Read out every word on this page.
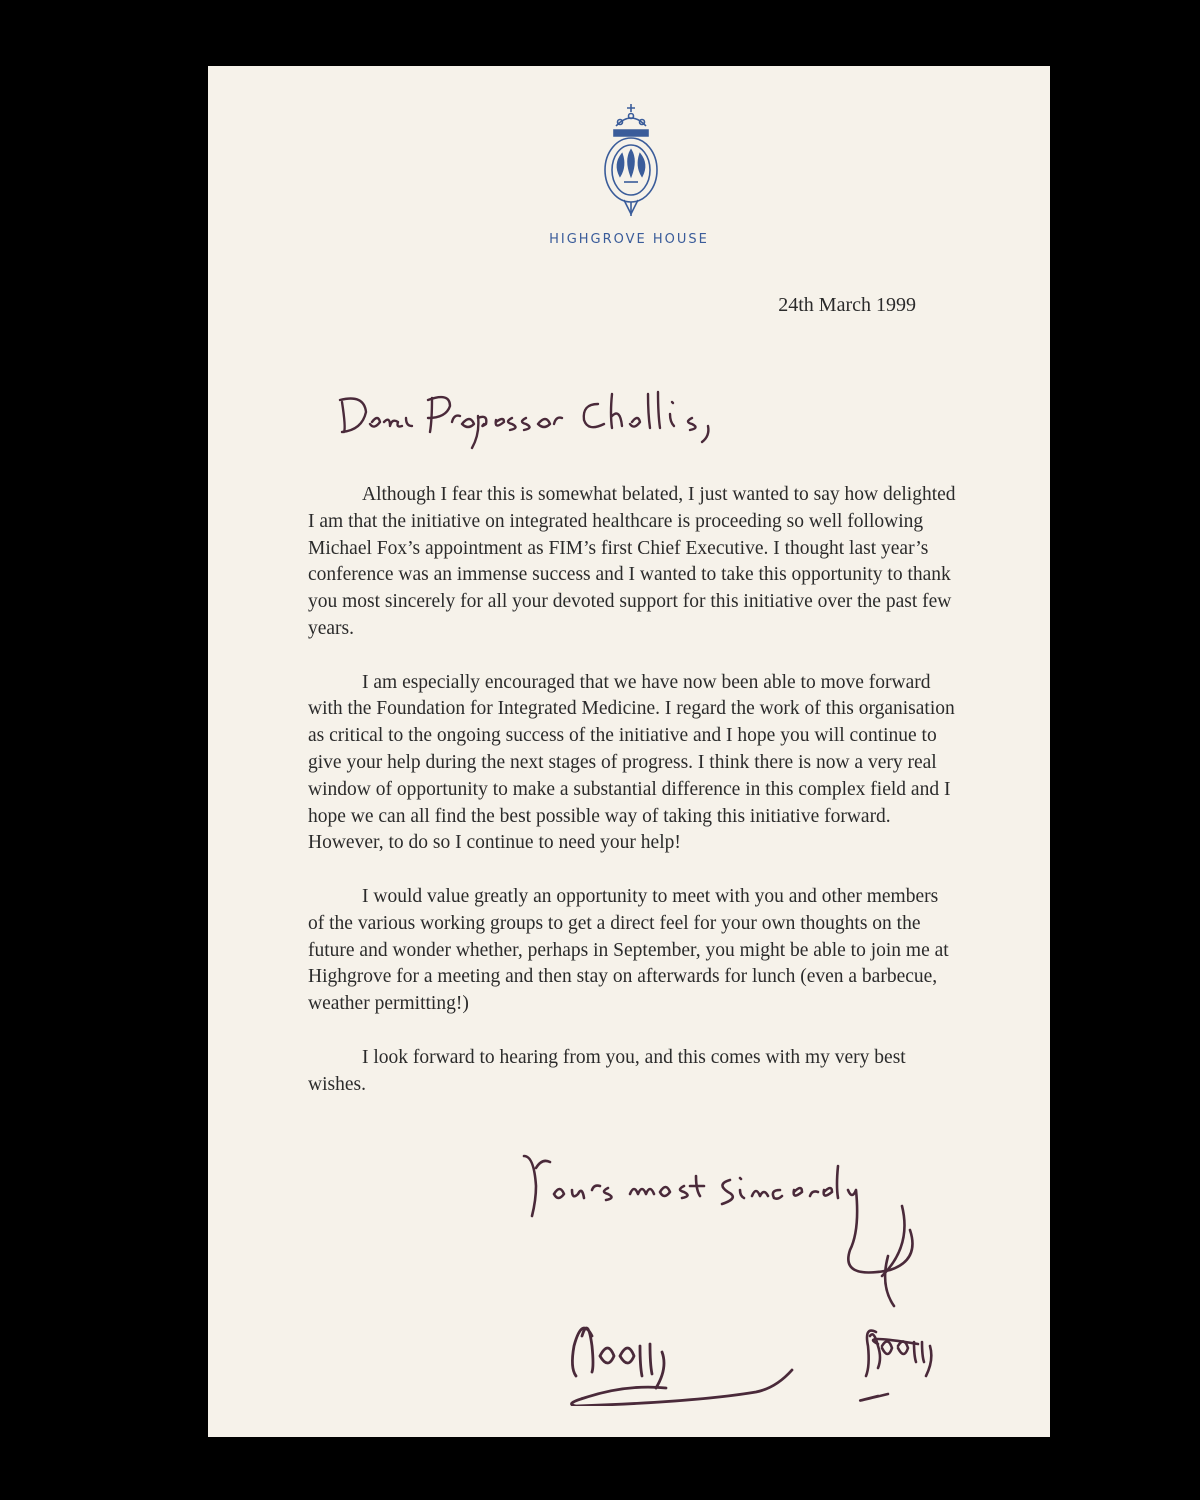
HIGHGROVE HOUSE
24th March 1999

Although I fear this is somewhat belated, I just wanted to say how delighted I am that the initiative on integrated healthcare is proceeding so well following Michael Fox’s appointment as FIM’s first Chief Executive. I thought last year’s conference was an immense success and I wanted to take this opportunity to thank you most sincerely for all your devoted support for this initiative over the past few years.

I am especially encouraged that we have now been able to move forward with the Foundation for Integrated Medicine. I regard the work of this organisation as critical to the ongoing success of the initiative and I hope you will continue to give your help during the next stages of progress. I think there is now a very real window of opportunity to make a substantial difference in this complex field and I hope we can all find the best possible way of taking this initiative forward. However, to do so I continue to need your help!

I would value greatly an opportunity to meet with you and other members of the various working groups to get a direct feel for your own thoughts on the future and wonder whether, perhaps in September, you might be able to join me at Highgrove for a meeting and then stay on afterwards for lunch (even a barbecue, weather permitting!)

I look forward to hearing from you, and this comes with my very best wishes.
